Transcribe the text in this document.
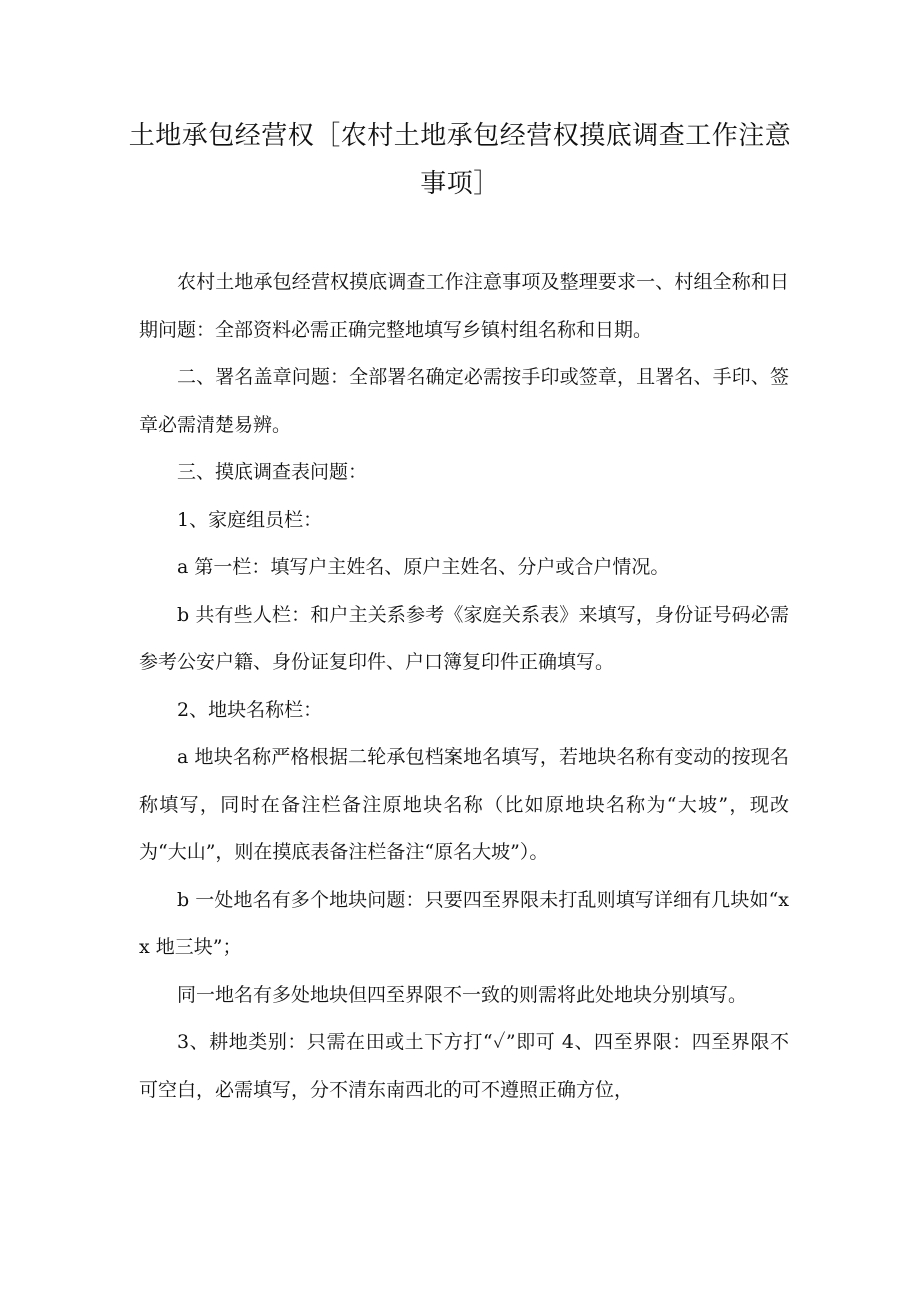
土地承包经营权［农村土地承包经营权摸底调查工作注意事项］

农村土地承包经营权摸底调查工作注意事项及整理要求一、村组全称和日期问题：全部资料必需正确完整地填写乡镇村组名称和日期。

二、署名盖章问题：全部署名确定必需按手印或签章，且署名、手印、签章必需清楚易辨。

三、摸底调查表问题：

1、家庭组员栏：

a 第一栏：填写户主姓名、原户主姓名、分户或合户情况。

b 共有些人栏：和户主关系参考《家庭关系表》来填写，身份证号码必需参考公安户籍、身份证复印件、户口簿复印件正确填写。

2、地块名称栏：

a 地块名称严格根据二轮承包档案地名填写，若地块名称有变动的按现名称填写，同时在备注栏备注原地块名称（比如原地块名称为“大坡”，现改为“大山”，则在摸底表备注栏备注“原名大坡”）。

b 一处地名有多个地块问题：只要四至界限未打乱则填写详细有几块如“xx 地三块”；

同一地名有多处地块但四至界限不一致的则需将此处地块分别填写。

3、耕地类别：只需在田或土下方打“✓”即可 4、四至界限：四至界限不可空白，必需填写，分不清东南西北的可不遵照正确方位，
